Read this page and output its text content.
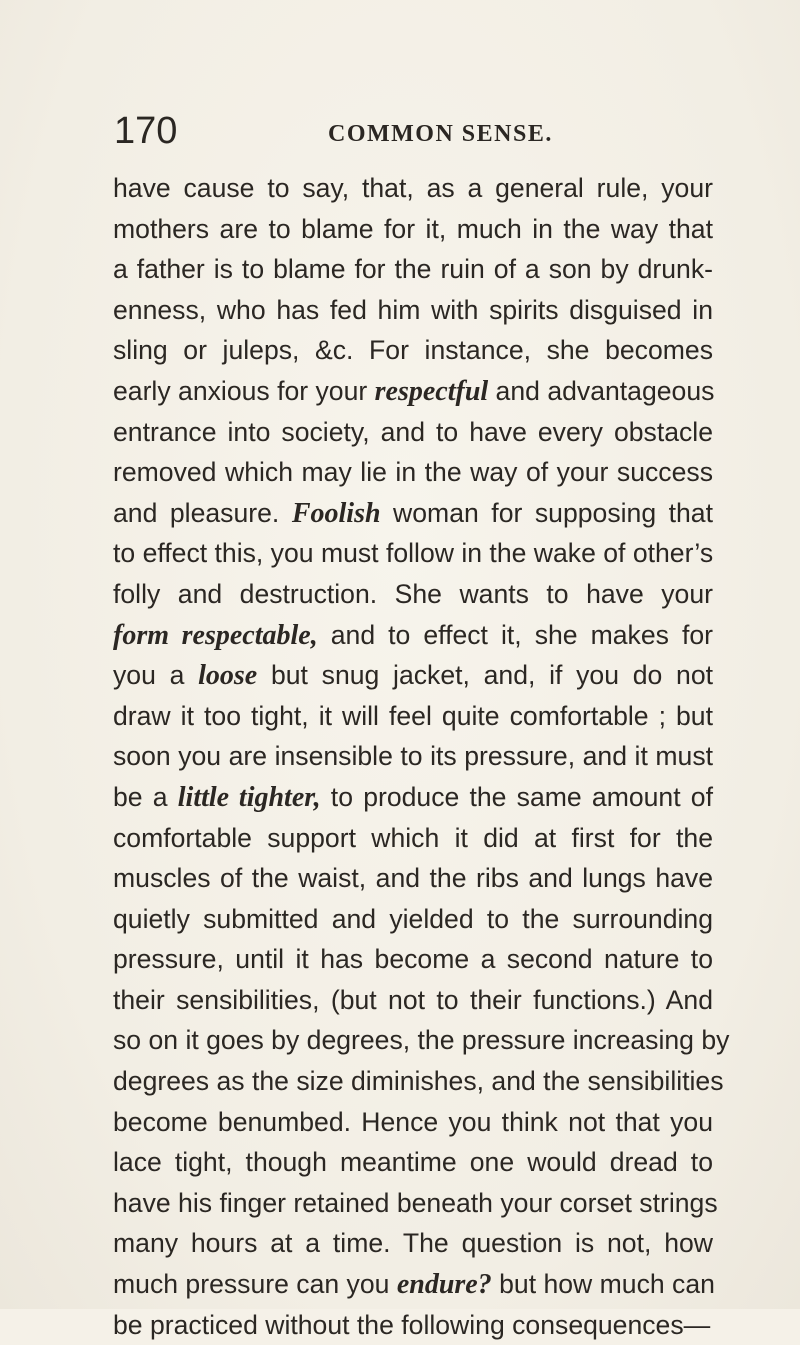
170	COMMON SENSE.
have cause to say, that, as a general rule, your
mothers are to blame for it, much in the way that
a father is to blame for the ruin of a son by drunk-
enness, who has fed him with spirits disguised in
sling or juleps, &c. For instance, she becomes
early anxious for your respectful and advantageous
entrance into society, and to have every obstacle
removed which may lie in the way of your success
and pleasure. Foolish woman for supposing that
to effect this, you must follow in the wake of other’s
folly and destruction. She wants to have your
form respectable, and to effect it, she makes for
you a loose but snug jacket, and, if you do not
draw it too tight, it will feel quite comfortable ; but
soon you are insensible to its pressure, and it must
be a little tighter, to produce the same amount of
comfortable support which it did at first for the
muscles of the waist, and the ribs and lungs have
quietly submitted and yielded to the surrounding
pressure, until it has become a second nature to
their sensibilities, (but not to their functions.) And
so on it goes by degrees, the pressure increasing by
degrees as the size diminishes, and the sensibilities
become benumbed. Hence you think not that you
lace tight, though meantime one would dread to
have his finger retained beneath your corset strings
many hours at a time. The question is not, how
much pressure can you endure? but how much can
be practiced without the following consequences—
